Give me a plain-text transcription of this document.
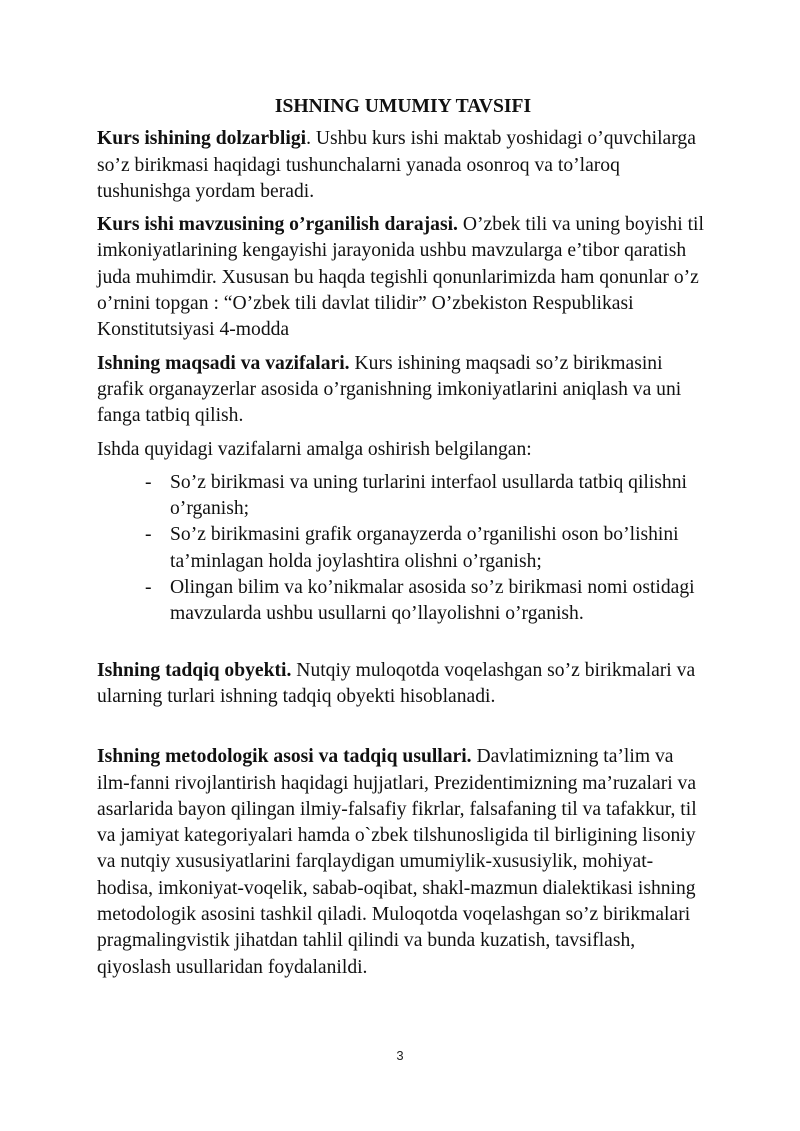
ISHNING UMUMIY TAVSIFI

Kurs ishining dolzarbligi. Ushbu kurs ishi maktab yoshidagi o’quvchilarga so’z birikmasi haqidagi tushunchalarni yanada osonroq va to’laroq tushunishga yordam beradi.

Kurs ishi mavzusining o’rganilish darajasi. O’zbek tili va uning boyishi til imkoniyatlarining kengayishi jarayonida ushbu mavzularga e’tibor qaratish juda muhimdir. Xususan bu haqda tegishli qonunlarimizda ham qonunlar o’z o’rnini topgan : “O’zbek tili davlat tilidir” O’zbekiston Respublikasi Konstitutsiyasi 4-modda

Ishning maqsadi va vazifalari. Kurs ishining maqsadi so’z birikmasini grafik organayzerlar asosida o’rganishning imkoniyatlarini aniqlash va uni fanga tatbiq qilish.

Ishda quyidagi vazifalarni amalga oshirish belgilangan:

- So’z birikmasi va uning turlarini interfaol usullarda tatbiq qilishni o’rganish;
- So’z birikmasini grafik organayzerda o’rganilishi oson bo’lishini ta’minlagan holda joylashtira olishni o’rganish;
- Olingan bilim va ko’nikmalar asosida so’z birikmasi nomi ostidagi mavzularda ushbu usullarni qo’llayolishni o’rganish.

Ishning tadqiq obyekti. Nutqiy muloqotda voqelashgan so’z birikmalari va ularning turlari ishning tadqiq obyekti hisoblanadi.

Ishning metodologik asosi va tadqiq usullari. Davlatimizning ta’lim va ilm-fanni rivojlantirish haqidagi hujjatlari, Prezidentimizning ma’ruzalari va asarlarida bayon qilingan ilmiy-falsafiy fikrlar, falsafaning til va tafakkur, til va jamiyat kategoriyalari hamda o`zbek tilshunosligida til birligining lisoniy va nutqiy xususiyatlarini farqlaydigan umumiylik-xususiylik, mohiyat-hodisa, imkoniyat-voqelik, sabab-oqibat, shakl-mazmun dialektikasi ishning metodologik asosini tashkil qiladi. Muloqotda voqelashgan so’z birikmalari pragmalingvistik jihatdan tahlil qilindi va bunda kuzatish, tavsiflash, qiyoslash usullaridan foydalanildi.

3
